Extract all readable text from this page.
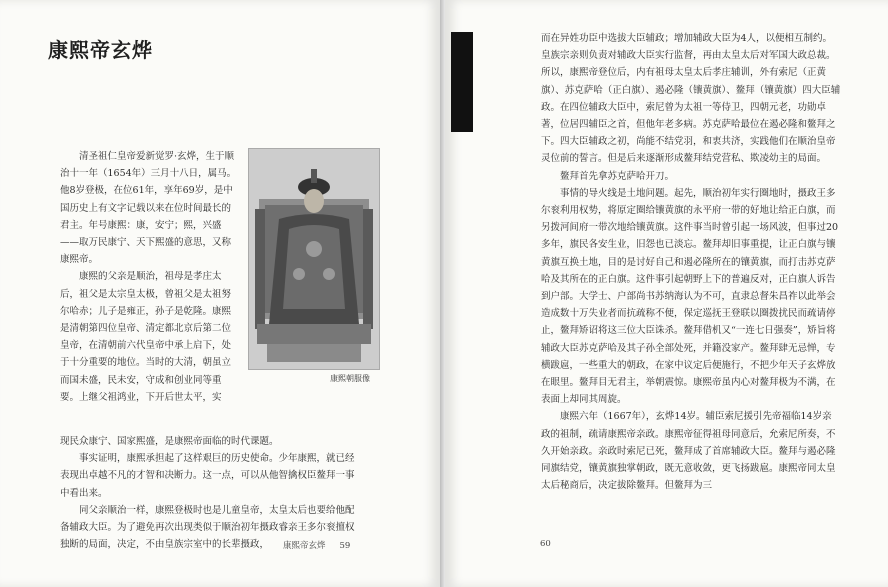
康熙帝玄烨

清圣祖仁皇帝爱新觉罗·玄烨，生于顺治十一年（1654年）三月十八日，属马。他8岁登极，在位61年，享年69岁，是中国历史上有文字记载以来在位时间最长的君主。年号康熙：康，安宁；熙，兴盛——取万民康宁、天下熙盛的意思，又称康熙帝。

康熙的父亲是顺治，祖母是孝庄太后，祖父是太宗皇太极，曾祖父是太祖努尔哈赤；儿子是雍正，孙子是乾隆。康熙是清朝第四位皇帝、清定都北京后第二位皇帝，在清朝前六代皇帝中承上启下，处于十分重要的地位。当时的大清，朝虽立而国未盛，民未安，守成和创业同等重要。上继父祖鸿业，下开后世太平，实

康熙朝服像

现民众康宁、国家熙盛，是康熙帝面临的时代课题。

事实证明，康熙承担起了这样艰巨的历史使命。少年康熙，就已经表现出卓越不凡的才智和决断力。这一点，可以从他智擒权臣鳌拜一事中看出来。

同父亲顺治一样，康熙登极时也是儿童皇帝，太皇太后也要给他配备辅政大臣。为了避免再次出现类似于顺治初年摄政睿亲王多尔衮擅权独断的局面，决定，不由皇族宗室中的长辈摄政，	康熙帝玄烨 59

而在异姓功臣中选拔大臣辅政；增加辅政大臣为4人，以便相互制约。皇族宗亲则负责对辅政大臣实行监督，再由太皇太后对军国大政总裁。所以，康熙帝登位后，内有祖母太皇太后孝庄辅训，外有索尼（正黄旗）、苏克萨哈（正白旗）、遏必隆（镶黄旗）、鳌拜（镶黄旗）四大臣辅政。在四位辅政大臣中，索尼曾为太祖一等侍卫，四朝元老，功勋卓著，位居四辅臣之首，但他年老多病。苏克萨哈最位在遏必隆和鳌拜之下。四大臣辅政之初，尚能不结党羽，和衷共济，实践他们在顺治皇帝灵位前的誓言。但是后来逐渐形成鳌拜结党营私、欺凌幼主的局面。

鳌拜首先拿苏克萨哈开刀。

事情的导火线是土地问题。起先，顺治初年实行圈地时，摄政王多尔衮利用权势，将原定圈给镶黄旗的永平府一带的好地让给正白旗，而另拨河间府一带次地给镶黄旗。这件事当时曾引起一场风波，但事过20多年，旗民各安生业，旧怨也已淡忘。鳌拜却旧事重提，让正白旗与镶黄旗互换土地，目的是讨好自己和遏必隆所在的镶黄旗，而打击苏克萨哈及其所在的正白旗。这件事引起朝野上下的普遍反对，正白旗人诉告到户部。大学士、户部尚书苏纳海认为不可，直隶总督朱昌祚以此举会造成数十万失业者而抗疏称不便，保定巡抚王登联以圈拨扰民而疏请停止，鳌拜矫诏将这三位大臣诛杀。鳌拜借机又“一连七日强奏”，矫旨将辅政大臣苏克萨哈及其子孙全部处死，并籍没家产。鳌拜肆无忌惮，专横跋扈，一些重大的朝政，在家中议定后便施行，不把少年天子玄烨放在眼里。鳌拜目无君主，举朝震惊。康熙帝虽内心对鳌拜极为不满，在表面上却同其周旋。

康熙六年（1667年），玄烨14岁。辅臣索尼援引先帝福临14岁亲政的祖制，疏请康熙帝亲政。康熙帝征得祖母同意后，允索尼所奏，不久开始亲政。亲政时索尼已死，鳌拜成了首席辅政大臣。鳌拜与遏必隆同旗结党，镶黄旗独掌朝政，既无意收敛，更飞扬跋扈。康熙帝同太皇太后秘商后，决定拔除鳌拜。但鳌拜为三

60
